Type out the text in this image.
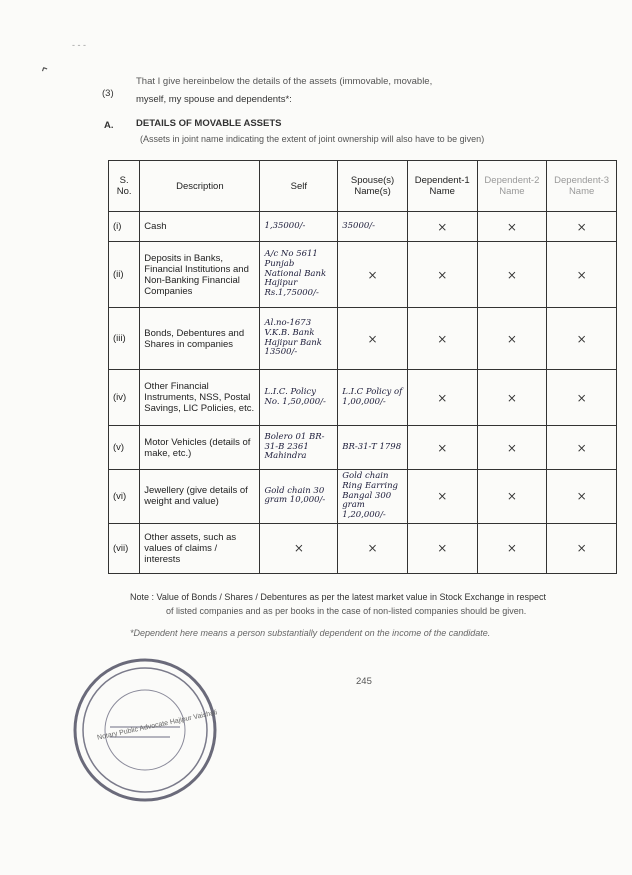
- - -
⌃
(3)
That I give hereinbelow the details of the assets (immovable, movable,
myself, my spouse and dependents*:
A. DETAILS OF MOVABLE ASSETS
(Assets in joint name indicating the extent of joint ownership will also have to be given)
S. No.	Description	Self	Spouse(s) Name(s)	Dependent-1 Name	Dependent-2 Name	Dependent-3 Name
(i)	Cash	1,35000/-	35000/-	×	×	×
(ii)	Deposits in Banks, Financial Institutions and Non-Banking Financial Companies	A/c No 5611 Punjab National Bank Hajipur Rs.1,75000/-	×	×	×	×
(iii)	Bonds, Debentures and Shares in companies	Al.no-1673 V.K.B. Bank Hajipur Bank 13500/-	×	×	×	×
(iv)	Other Financial Instruments, NSS, Postal Savings, LIC Policies, etc.	L.I.C. Policy No. 1,50,000/-	L.I.C Policy of 1,00,000/-	×	×	×
(v)	Motor Vehicles (details of make, etc.)	Bolero 01 BR-31-B 2361 Mahindra	BR-31-T 1798	×	×	×
(vi)	Jewellery (give details of weight and value)	Gold chain 30 gram 10,000/-	Gold chain Ring Earring Bangal 300 gram 1,20,000/-	×	×	×
(vii)	Other assets, such as values of claims / interests	×	×	×	×	×
Note : Value of Bonds / Shares / Debentures as per the latest market value in Stock Exchange in respect
of listed companies and as per books in the case of non-listed companies should be given.
*Dependent here means a person substantially dependent on the income of the candidate.
245
Notary Public Advocate Hajipur Vaishali
